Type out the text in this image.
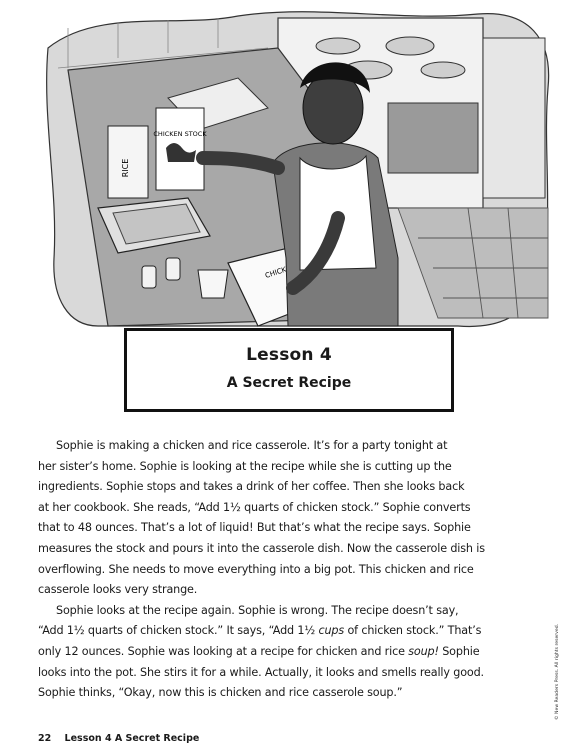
RICE
CHICKEN STOCK
CHICKEN
Lesson 4
A Secret Recipe

Sophie is making a chicken and rice casserole. It’s for a party tonight at
her sister’s home. Sophie is looking at the recipe while she is cutting up the
ingredients. Sophie stops and takes a drink of her coffee. Then she looks back
at her cookbook. She reads, “Add 1½ quarts of chicken stock.” Sophie converts
that to 48 ounces. That’s a lot of liquid! But that’s what the recipe says. Sophie
measures the stock and pours it into the casserole dish. Now the casserole dish is
overflowing. She needs to move everything into a big pot. This chicken and rice
casserole looks very strange.

Sophie looks at the recipe again. Sophie is wrong. The recipe doesn’t say,
“Add 1½ quarts of chicken stock.” It says, “Add 1½ cups of chicken stock.” That’s
only 12 ounces. Sophie was looking at a recipe for chicken and rice soup! Sophie
looks into the pot. She stirs it for a while. Actually, it looks and smells really good.
Sophie thinks, “Okay, now this is chicken and rice casserole soup.”

22 Lesson 4 A Secret Recipe
© New Readers Press. All rights reserved.
